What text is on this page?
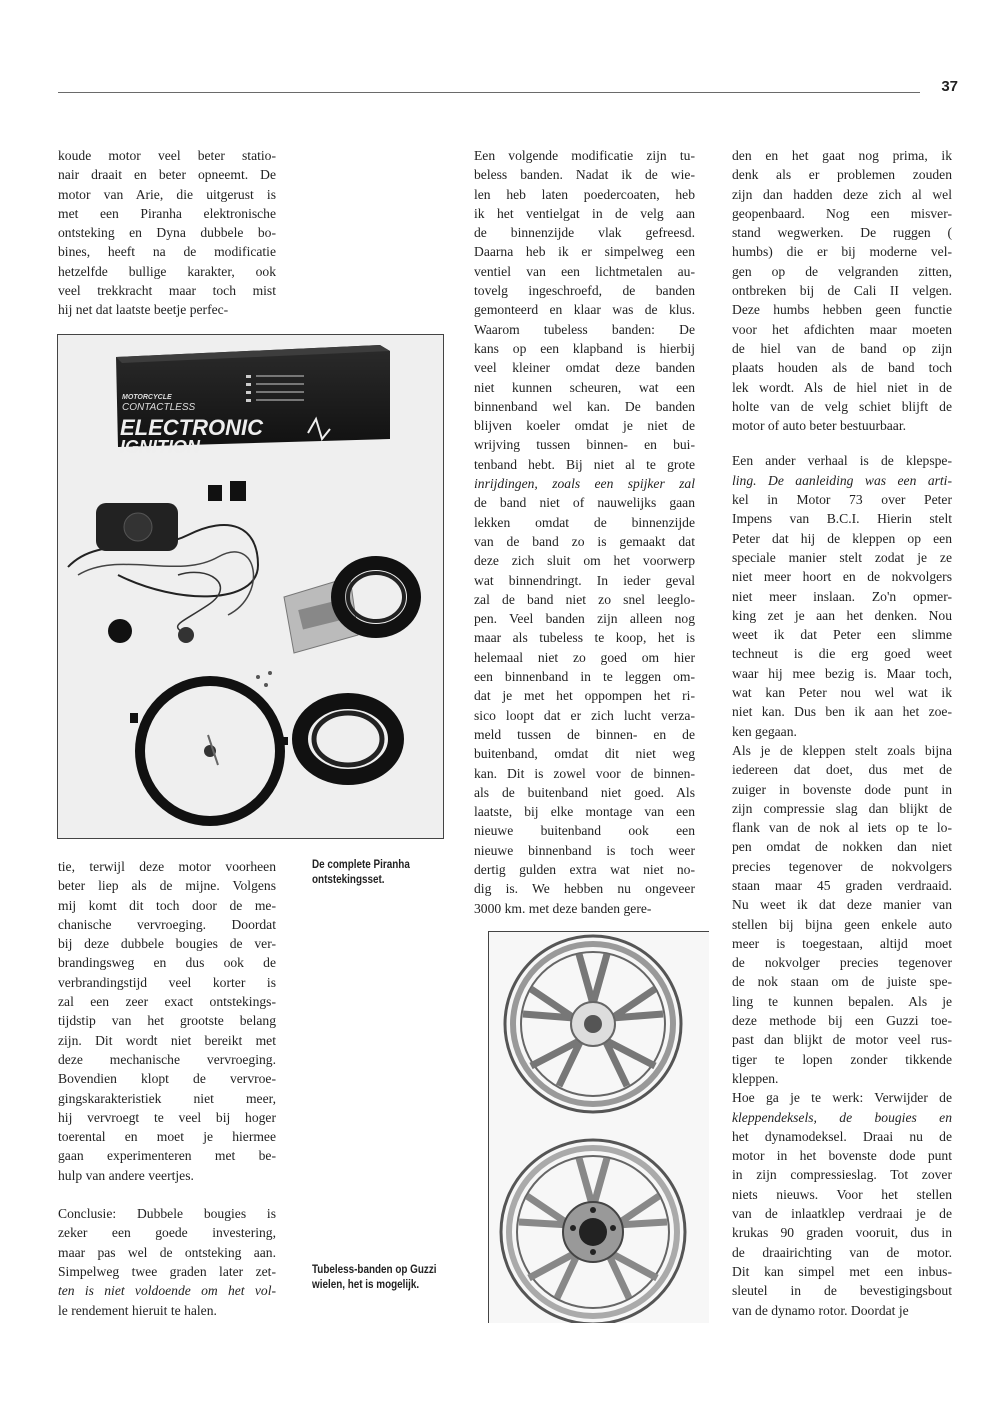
37

koude motor veel beter statio-
nair draait en beter opneemt. De
motor van Arie, die uitgerust is
met een Piranha elektronische
ontsteking en Dyna dubbele bo-
bines, heeft na de modificatie
hetzelfde bullige karakter, ook
veel trekkracht maar toch mist
hij net dat laatste beetje perfec-

MOTORCYCLE
CONTACTLESS
ELECTRONIC
IGNITION

tie, terwijl deze motor voorheen
beter liep als de mijne. Volgens
mij komt dit toch door de me-
chanische vervroeging. Doordat
bij deze dubbele bougies de ver-
brandingsweg en dus ook de
verbrandingstijd veel korter is
zal een zeer exact ontstekings-
tijdstip van het grootste belang
zijn. Dit wordt niet bereikt met
deze mechanische vervroeging.
Bovendien klopt de vervroe-
gingskarakteristiek niet meer,
hij vervroegt te veel bij hoger
toerental en moet je hiermee
gaan experimenteren met be-
hulp van andere veertjes.

Conclusie: Dubbele bougies is
zeker een goede investering,
maar pas wel de ontsteking aan.
Simpelweg twee graden later zet-
ten is niet voldoende om het vol-
le rendement hieruit te halen.

De complete Piranha
ontstekingsset.
Tubeless-banden op Guzzi
wielen, het is mogelijk.

Een volgende modificatie zijn tu-
beless banden. Nadat ik de wie-
len heb laten poedercoaten, heb
ik het ventielgat in de velg aan
de binnenzijde vlak gefreesd.
Daarna heb ik er simpelweg een
ventiel van een lichtmetalen au-
tovelg ingeschroefd, de banden
gemonteerd en klaar was de klus.
Waarom tubeless banden: De
kans op een klapband is hierbij
veel kleiner omdat deze banden
niet kunnen scheuren, wat een
binnenband wel kan. De banden
blijven koeler omdat je niet de
wrijving tussen binnen- en bui-
tenband hebt. Bij niet al te grote
inrijdingen, zoals een spijker zal
de band niet of nauwelijks gaan
lekken omdat de binnenzijde
van de band zo is gemaakt dat
deze zich sluit om het voorwerp
wat binnendringt. In ieder geval
zal de band niet zo snel leeglo-
pen. Veel banden zijn alleen nog
maar als tubeless te koop, het is
helemaal niet zo goed om hier
een binnenband in te leggen om-
dat je met het oppompen het ri-
sico loopt dat er zich lucht verza-
meld tussen de binnen- en de
buitenband, omdat dit niet weg
kan. Dit is zowel voor de binnen-
als de buitenband niet goed. Als
laatste, bij elke montage van een
nieuwe buitenband ook een
nieuwe binnenband is toch weer
dertig gulden extra wat niet no-
dig is. We hebben nu ongeveer
3000 km. met deze banden gere-

den en het gaat nog prima, ik
denk als er problemen zouden
zijn dan hadden deze zich al wel
geopenbaard. Nog een misver-
stand wegwerken. De ruggen (
humbs) die er bij moderne vel-
gen op de velgranden zitten,
ontbreken bij de Cali II velgen.
Deze humbs hebben geen functie
voor het afdichten maar moeten
de hiel van de band op zijn
plaats houden als de band toch
lek wordt. Als de hiel niet in de
holte van de velg schiet blijft de
motor of auto beter bestuurbaar.

Een ander verhaal is de klepspe-
ling. De aanleiding was een arti-
kel in Motor 73 over Peter
Impens van B.C.I. Hierin stelt
Peter dat hij de kleppen op een
speciale manier stelt zodat je ze
niet meer hoort en de nokvolgers
niet meer inslaan. Zo'n opmer-
king zet je aan het denken. Nou
weet ik dat Peter een slimme
techneut is die erg goed weet
waar hij mee bezig is. Maar toch,
wat kan Peter nou wel wat ik
niet kan. Dus ben ik aan het zoe-
ken gegaan.

Als je de kleppen stelt zoals bijna
iedereen dat doet, dus met de
zuiger in bovenste dode punt in
zijn compressie slag dan blijkt de
flank van de nok al iets op te lo-
pen omdat de nokken dan niet
precies tegenover de nokvolgers
staan maar 45 graden verdraaid.
Nu weet ik dat deze manier van
stellen bij bijna geen enkele auto
meer is toegestaan, altijd moet
de nokvolger precies tegenover
de nok staan om de juiste spe-
ling te kunnen bepalen. Als je
deze methode bij een Guzzi toe-
past dan blijkt de motor veel rus-
tiger te lopen zonder tikkende
kleppen.

Hoe ga je te werk: Verwijder de
kleppendeksels, de bougies en
het dynamodeksel. Draai nu de
motor in het bovenste dode punt
in zijn compressieslag. Tot zover
niets nieuws. Voor het stellen
van de inlaatklep verdraai je de
krukas 90 graden vooruit, dus in
de draairichting van de motor.
Dit kan simpel met een inbus-
sleutel in de bevestigingsbout
van de dynamo rotor. Doordat je
